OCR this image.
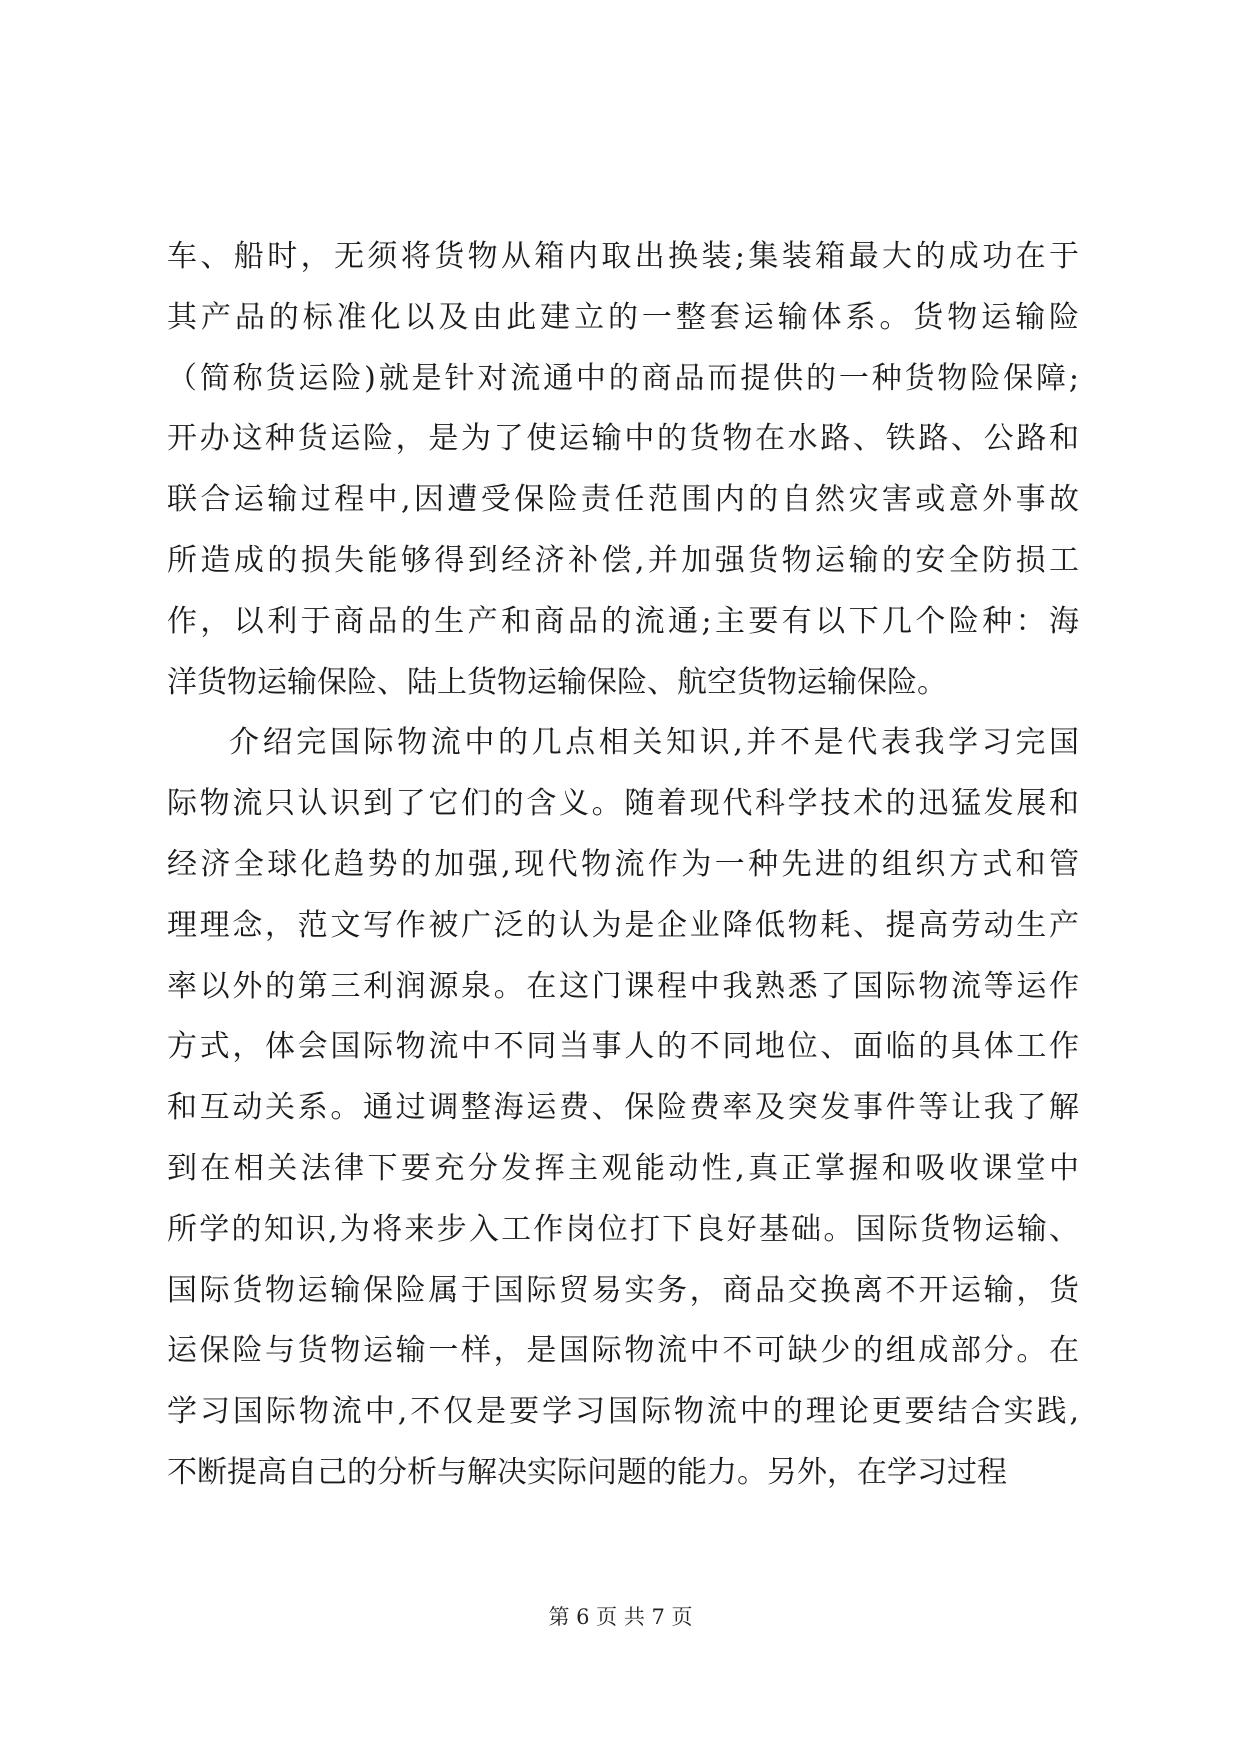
车、船时，无须将货物从箱内取出换装;集装箱最大的成功在于
其产品的标准化以及由此建立的一整套运输体系。货物运输险
（简称货运险)就是针对流通中的商品而提供的一种货物险保障;
开办这种货运险，是为了使运输中的货物在水路、铁路、公路和
联合运输过程中,因遭受保险责任范围内的自然灾害或意外事故
所造成的损失能够得到经济补偿,并加强货物运输的安全防损工
作，以利于商品的生产和商品的流通;主要有以下几个险种：海
洋货物运输保险、陆上货物运输保险、航空货物运输保险。
介绍完国际物流中的几点相关知识,并不是代表我学习完国
际物流只认识到了它们的含义。随着现代科学技术的迅猛发展和
经济全球化趋势的加强,现代物流作为一种先进的组织方式和管
理理念，范文写作被广泛的认为是企业降低物耗、提高劳动生产
率以外的第三利润源泉。在这门课程中我熟悉了国际物流等运作
方式，体会国际物流中不同当事人的不同地位、面临的具体工作
和互动关系。通过调整海运费、保险费率及突发事件等让我了解
到在相关法律下要充分发挥主观能动性,真正掌握和吸收课堂中
所学的知识,为将来步入工作岗位打下良好基础。国际货物运输、
国际货物运输保险属于国际贸易实务，商品交换离不开运输，货
运保险与货物运输一样，是国际物流中不可缺少的组成部分。在
学习国际物流中,不仅是要学习国际物流中的理论更要结合实践,
不断提高自己的分析与解决实际问题的能力。另外，在学习过程
第 6 页 共 7 页
